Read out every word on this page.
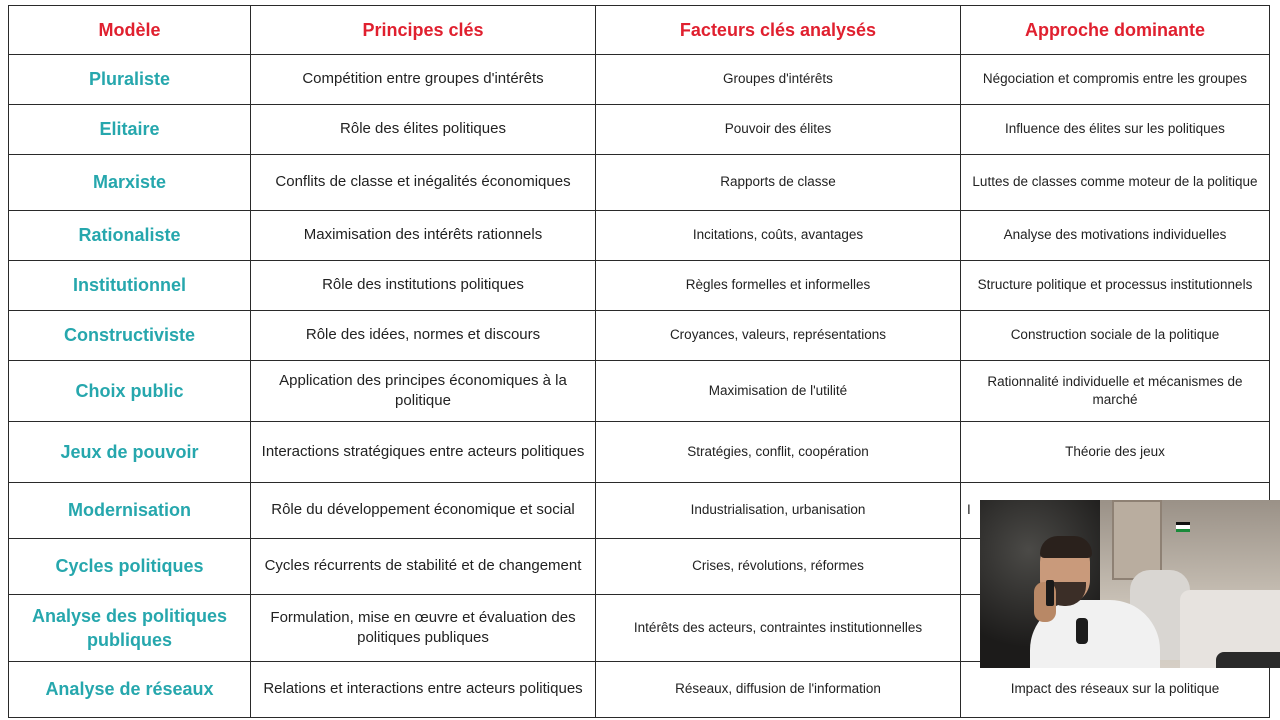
Modèle	Principes clés	Facteurs clés analysés	Approche dominante
Pluraliste	Compétition entre groupes d'intérêts	Groupes d'intérêts	Négociation et compromis entre les groupes
Elitaire	Rôle des élites politiques	Pouvoir des élites	Influence des élites sur les politiques
Marxiste	Conflits de classe et inégalités économiques	Rapports de classe	Luttes de classes comme moteur de la politique
Rationaliste	Maximisation des intérêts rationnels	Incitations, coûts, avantages	Analyse des motivations individuelles
Institutionnel	Rôle des institutions politiques	Règles formelles et informelles	Structure politique et processus institutionnels
Constructiviste	Rôle des idées, normes et discours	Croyances, valeurs, représentations	Construction sociale de la politique
Choix public	Application des principes économiques à la politique	Maximisation de l'utilité	Rationnalité individuelle et mécanismes de marché
Jeux de pouvoir	Interactions stratégiques entre acteurs politiques	Stratégies, conflit, coopération	Théorie des jeux
Modernisation	Rôle du développement économique et social	Industrialisation, urbanisation	I
Cycles politiques	Cycles récurrents de stabilité et de changement	Crises, révolutions, réformes	
Analyse des politiques publiques	Formulation, mise en œuvre et évaluation des politiques publiques	Intérêts des acteurs, contraintes institutionnelles	
Analyse de réseaux	Relations et interactions entre acteurs politiques	Réseaux, diffusion de l'information	Impact des réseaux sur la politique
